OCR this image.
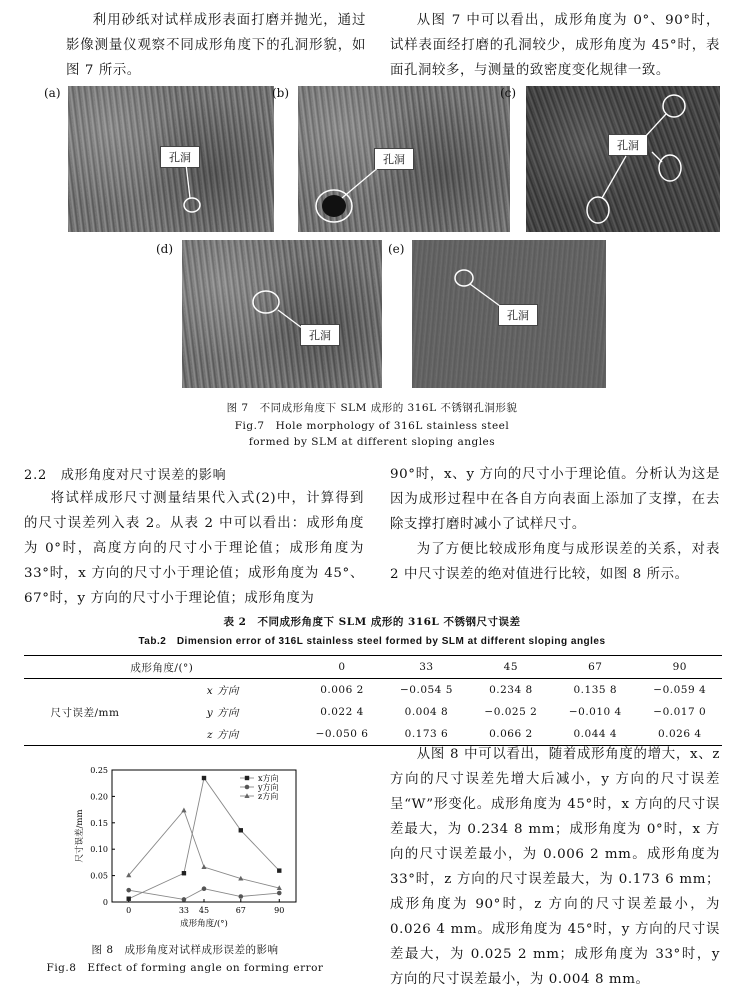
利用砂纸对试样成形表面打磨并抛光，通过影像测量仪观察不同成形角度下的孔洞形貌，如图 7 所示。
从图 7 中可以看出，成形角度为 0°、90°时，试样表面经打磨的孔洞较少，成形角度为 45°时，表面孔洞较多，与测量的致密度变化规律一致。
(a)
孔洞
(b)
孔洞
(c)
孔洞
(d)
孔洞
(e)
孔洞
图 7　不同成形角度下 SLM 成形的 316L 不锈钢孔洞形貌
Fig.7　Hole morphology of 316L stainless steel
formed by SLM at different sloping angles
2.2　成形角度对尺寸误差的影响
将试样成形尺寸测量结果代入式(2)中，计算得到的尺寸误差列入表 2。从表 2 中可以看出：成形角度为 0°时，高度方向的尺寸小于理论值；成形角度为 33°时，x 方向的尺寸小于理论值；成形角度为 45°、67°时，y 方向的尺寸小于理论值；成形角度为
90°时，x、y 方向的尺寸小于理论值。分析认为这是因为成形过程中在各自方向表面上添加了支撑，在去除支撑打磨时减小了试样尺寸。
为了方便比较成形角度与成形误差的关系，对表 2 中尺寸误差的绝对值进行比较，如图 8 所示。
表 2　不同成形角度下 SLM 成形的 316L 不锈钢尺寸误差
Tab.2　Dimension error of 316L stainless steel formed by SLM at different sloping angles
成形角度/(°)		0	33	45	67	90
尺寸误差/mm	x 方向	0.006 2	−0.054 5	0.234 8	0.135 8	−0.059 4
	y 方向	0.022 4	0.004 8	−0.025 2	−0.010 4	−0.017 0
	z 方向	−0.050 6	0.173 6	0.066 2	0.044 4	0.026 4
0
0.05
0.10
0.15
0.20
0.25
0	33 45	67	90
成形角度/(°)
尺寸误差/mm
x方向
y方向
z方向
图 8　成形角度对试样成形误差的影响
Fig.8　Effect of forming angle on forming error
从图 8 中可以看出，随着成形角度的增大，x、z 方向的尺寸误差先增大后减小，y 方向的尺寸误差呈“W”形变化。成形角度为 45°时，x 方向的尺寸误差最大，为 0.234 8 mm；成形角度为 0°时，x 方向的尺寸误差最小，为 0.006 2 mm。成形角度为 33°时，z 方向的尺寸误差最大，为 0.173 6 mm；成形角度为 90°时，z 方向的尺寸误差最小，为 0.026 4 mm。成形角度为 45°时，y 方向的尺寸误差最大，为 0.025 2 mm；成形角度为 33°时，y 方向的尺寸误差最小，为 0.004 8 mm。
